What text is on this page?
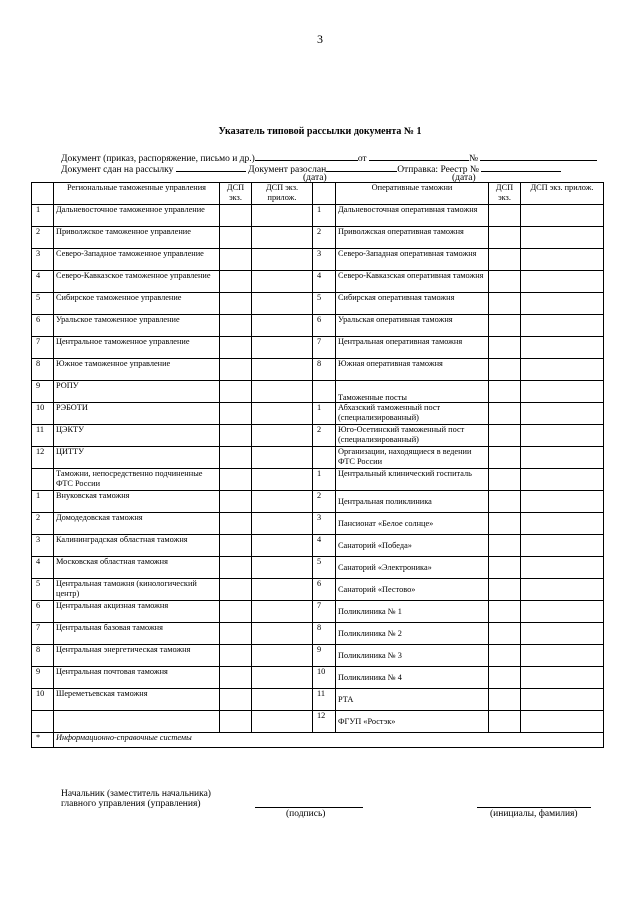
3
Указатель типовой рассылки документа № 1
Документ (приказ, распоряжение, письмо и др.)	от	№
Документ сдан на рассылку	Документ разослан	Отправка: Реестр №
(дата)	(дата)
	Региональные таможенные управления	ДСП экз.	ДСП экз. прилож.		Оперативные таможни	ДСП экз.	ДСП экз. прилож.
1	Дальневосточное таможенное управление			1	Дальневосточная оперативная таможня		
2	Приволжское таможенное управление			2	Приволжская оперативная таможня		
3	Северо-Западное таможенное управление			3	Северо-Западная оперативная таможня		
4	Северо-Кавказское таможенное управление			4	Северо-Кавказская оперативная таможня		
5	Сибирское таможенное управление			5	Сибирская оперативная таможня		
6	Уральское таможенное управление			6	Уральская оперативная таможня		
7	Центральное таможенное управление			7	Центральная оперативная таможня		
8	Южное таможенное управление			8	Южная оперативная таможня		
9	РОПУ				Таможенные посты		
10	РЭБОТИ			1	Абхазский таможенный пост (специализированный)		
11	ЦЭКТУ			2	Юго-Осетинский таможенный пост (специализированный)		
12	ЦИТТУ				Организации, находящиеся в ведении ФТС России		
	Таможни, непосредственно подчиненные ФТС России			1	Центральный клинический госпиталь		
1	Внуковская таможня			2	Центральная поликлиника		
2	Домодедовская таможня			3	Пансионат «Белое солнце»		
3	Калининградская областная таможня			4	Санаторий «Победа»		
4	Московская областная таможня			5	Санаторий «Электроника»		
5	Центральная таможня (кинологический центр)			6	Санаторий «Пестово»		
6	Центральная акцизная таможня			7	Поликлиника № 1		
7	Центральная базовая таможня			8	Поликлиника № 2		
8	Центральная энергетическая таможня			9	Поликлиника № 3		
9	Центральная почтовая таможня			10	Поликлиника № 4		
10	Шереметьевская таможня			11	РТА		
				12	ФГУП «Ростэк»		
*	Информационно-справочные системы						
Начальник (заместитель начальника)
главного управления (управления)
(подпись)	(инициалы, фамилия)
